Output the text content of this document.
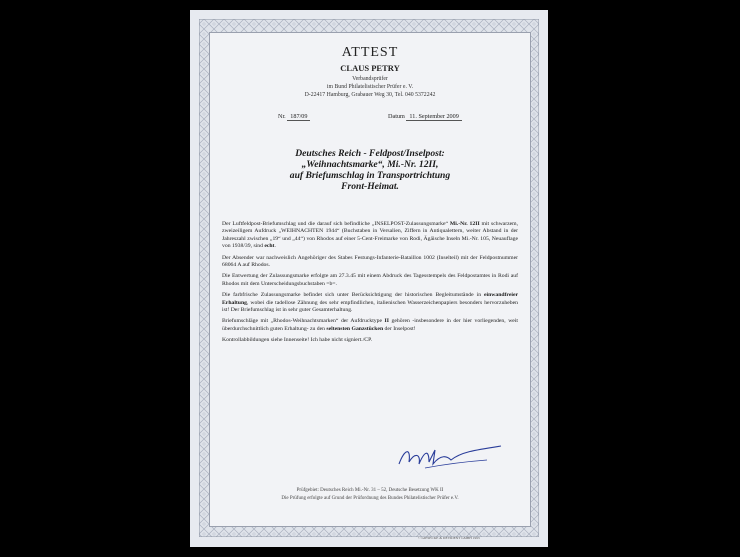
ATTEST
CLAUS PETRY
Verbandsprüfer
im Bund Philatelistischer Prüfer e. V.
D-22417 Hamburg, Grabauer Weg 30, Tel. 040 5372242
Nr. 187/09	Datum 11. September 2009
Deutsches Reich - Feldpost/Inselpost:
„Weihnachtsmarke“, Mi.-Nr. 12II,
auf Briefumschlag in Transportrichtung
Front-Heimat.

Der Luftfeldpost-Briefumschlag und die darauf sich befindliche „INSELPOST-Zulassungsmarke“ Mi.-Nr. 12II mit schwarzem, zweizeiligem Aufdruck „WEIHNACHTEN 1944“ (Buchstaben in Versalien, Ziffern in Antiqualettern, weiter Abstand in der Jahreszahl zwischen „19“ und „44“) von Rhodos auf einer 5-Cent-Freimarke von Rodi, Ägäische Inseln Mi.-Nr. 105, Neuauflage von 1938/39, sind echt.

Der Absender war nachweislich Angehöriger des Stabes Festungs-Infanterie-Bataillon 1002 (Inselteil) mit der Feldpostnummer 68064 A auf Rhodos.

Die Entwertung der Zulassungsmarke erfolgte am 27.3.45 mit einem Abdruck des Tagesstempels des Feldpostamtes in Rodi auf Rhodos mit dem Unterscheidungsbuchstaben =b=.

Die farbfrische Zulassungsmarke befindet sich unter Berücksichtigung der historischen Begleitumstände in einwandfreier Erhaltung, wobei die tadellose Zähnung des sehr empfindlichen, italienischen Wasserzeichenpapiers besonders hervorzuheben ist! Der Briefumschlag ist in sehr guter Gesamterhaltung.

Briefumschläge mit „Rhodos-Weihnachtsmarken“ der Aufdrucktype II gehören -insbesondere in der hier vorliegenden, weit überdurchschnittlich guten Erhaltung- zu den seltensten Ganzstücken der Inselpost!

Kontrollabbildungen siehe Innenseite! Ich habe nicht signiert./CP.

Prüfgebiet: Deutsches Reich Mi.-Nr. 31 – 52, Deutsche Besetzung WK II
Die Prüfung erfolgte auf Grund der Prüfordnung des Bundes Philatelistischer Prüfer e.V.
© GIESECKE & DEVRIENT GMBH 1993
